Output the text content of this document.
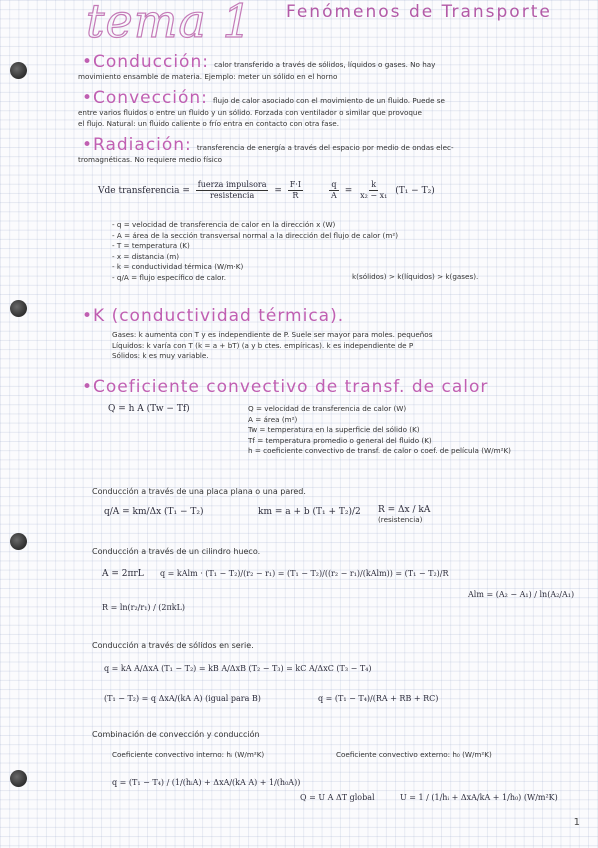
tema 1 Fenómenos de Transporte
•Conducción: calor transferido a través de sólidos, líquidos o gases. No hay
movimiento ensamble de materia. Ejemplo: meter un sólido en el horno
•Convección: flujo de calor asociado con el movimiento de un fluido. Puede se
entre varios fluidos o entre un fluido y un sólido. Forzada con ventilador o similar que provoque
el flujo. Natural: un fluido caliente o frío entra en contacto con otra fase.
•Radiación: transferencia de energía a través del espacio por medio de ondas elec-
tromagnéticas. No requiere medio físico
Vde transferencia = $\frac{\text{fuerza impulsora}}{\text{resistencia}} = \frac{F\cdot I}{R}$
	$\frac{q}{A} = \frac{k}{\text{x₂ − x₁}} (T_1 - T_2)$
- q = velocidad de transferencia de calor en la dirección x (W)
- A = área de la sección transversal normal a la dirección del flujo de calor (m²)
- T = temperatura (K)
- x = distancia (m)
- k = conductividad térmica (W/m·K)
- q/A = flujo específico de calor.	k(sólidos) > k(líquidos) > k(gases).
•K (conductividad térmica).
Gases: k aumenta con T y es independiente de P. Suele ser mayor para moles. pequeños
Líquidos: k varía con T (k = a + bT) (a y b ctes. empíricas). k es independiente de P
Sólidos: k es muy variable.
•Coeficiente convectivo de transf. de calor
Q = h A (Tw − Tf)	Q = velocidad de transferencia de calor (W)
A = área (m²)
Tw = temperatura en la superficie del sólido (K)
Tf = temperatura promedio o general del fluido (K)
h = coeficiente convectivo de transf. de calor o coef. de película (W/m²K)
Conducción a través de una placa plana o una pared.
q/A = km/Δx (T₁ − T₂)	km = a + b (T₁ + T₂)/2 R = Δx / kA
(resistencia)
Conducción a través de un cilindro hueco.
A = 2πrL q = kAlm · (T₁ − T₂)/(r₂ − r₁) = (T₁ − T₂)/((r₂ − r₁)/(kAlm)) = (T₁ − T₂)/R
Alm = (A₂ − A₁) / ln(A₂/A₁)
R = ln(r₂/r₁) / (2πkL)
Conducción a través de sólidos en serie.
q = kA A/ΔxA (T₁ − T₂) = kB A/ΔxB (T₂ − T₃) = kC A/ΔxC (T₃ − T₄)
(T₁ − T₂) = q ΔxA/(kA A) (igual para B)	q = (T₁ − T₄)/(RA + RB + RC)
Combinación de convección y conducción
Coeficiente convectivo interno: hᵢ (W/m²K)	Coeficiente convectivo externo: h₀ (W/m²K)
q = (T₁ − T₄) / (1/(hᵢA) + ΔxA/(kA A) + 1/(h₀A))
Q = U A ΔT global	U = 1 / (1/hᵢ + ΔxA/kA + 1/h₀) (W/m²K)
1
